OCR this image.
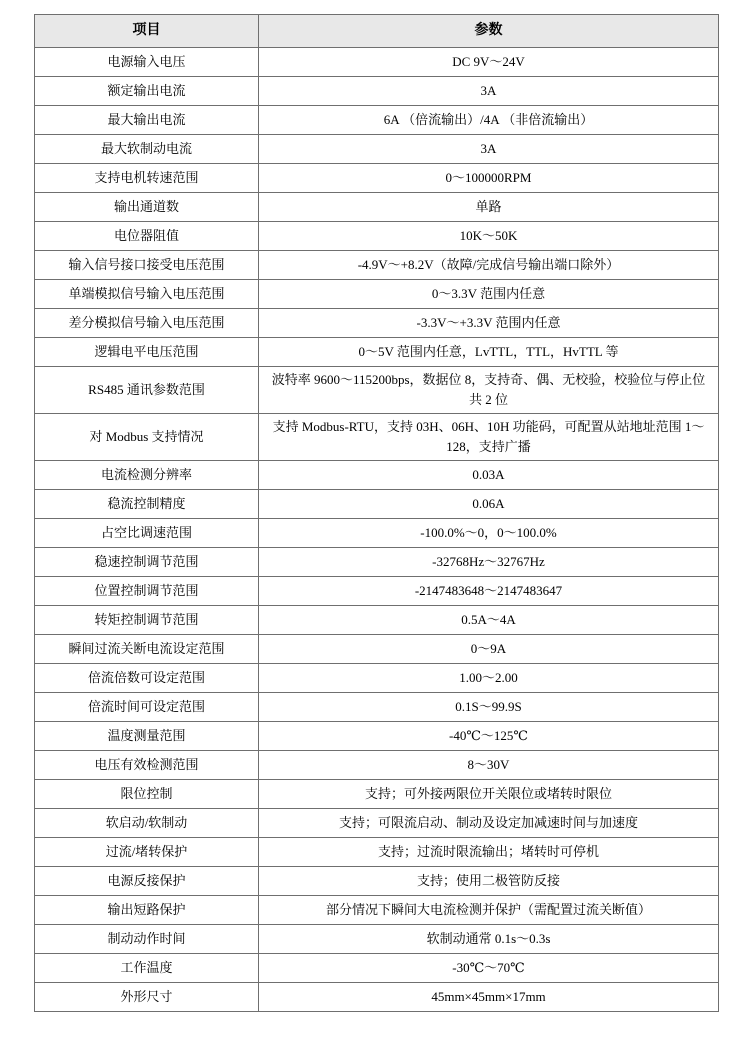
项目	参数
电源输入电压	DC 9V～24V
额定输出电流	3A
最大输出电流	6A （倍流输出）/4A （非倍流输出）
最大软制动电流	3A
支持电机转速范围	0～100000RPM
输出通道数	单路
电位器阻值	10K～50K
输入信号接口接受电压范围	-4.9V～+8.2V（故障/完成信号输出端口除外）
单端模拟信号输入电压范围	0～3.3V 范围内任意
差分模拟信号输入电压范围	-3.3V～+3.3V 范围内任意
逻辑电平电压范围	0～5V 范围内任意，LvTTL，TTL，HvTTL 等
RS485 通讯参数范围	波特率 9600～115200bps，数据位 8，支持奇、偶、无校验，校验位与停止位共 2 位
对 Modbus 支持情况	支持 Modbus-RTU，支持 03H、06H、10H 功能码，可配置从站地址范围 1～128，支持广播
电流检测分辨率	0.03A
稳流控制精度	0.06A
占空比调速范围	-100.0%～0，0～100.0%
稳速控制调节范围	-32768Hz～32767Hz
位置控制调节范围	-2147483648～2147483647
转矩控制调节范围	0.5A～4A
瞬间过流关断电流设定范围	0～9A
倍流倍数可设定范围	1.00～2.00
倍流时间可设定范围	0.1S～99.9S
温度测量范围	-40℃～125℃
电压有效检测范围	8～30V
限位控制	支持；可外接两限位开关限位或堵转时限位
软启动/软制动	支持；可限流启动、制动及设定加减速时间与加速度
过流/堵转保护	支持；过流时限流输出；堵转时可停机
电源反接保护	支持；使用二极管防反接
输出短路保护	部分情况下瞬间大电流检测并保护（需配置过流关断值）
制动动作时间	软制动通常 0.1s～0.3s
工作温度	-30℃～70℃
外形尺寸	45mm×45mm×17mm
